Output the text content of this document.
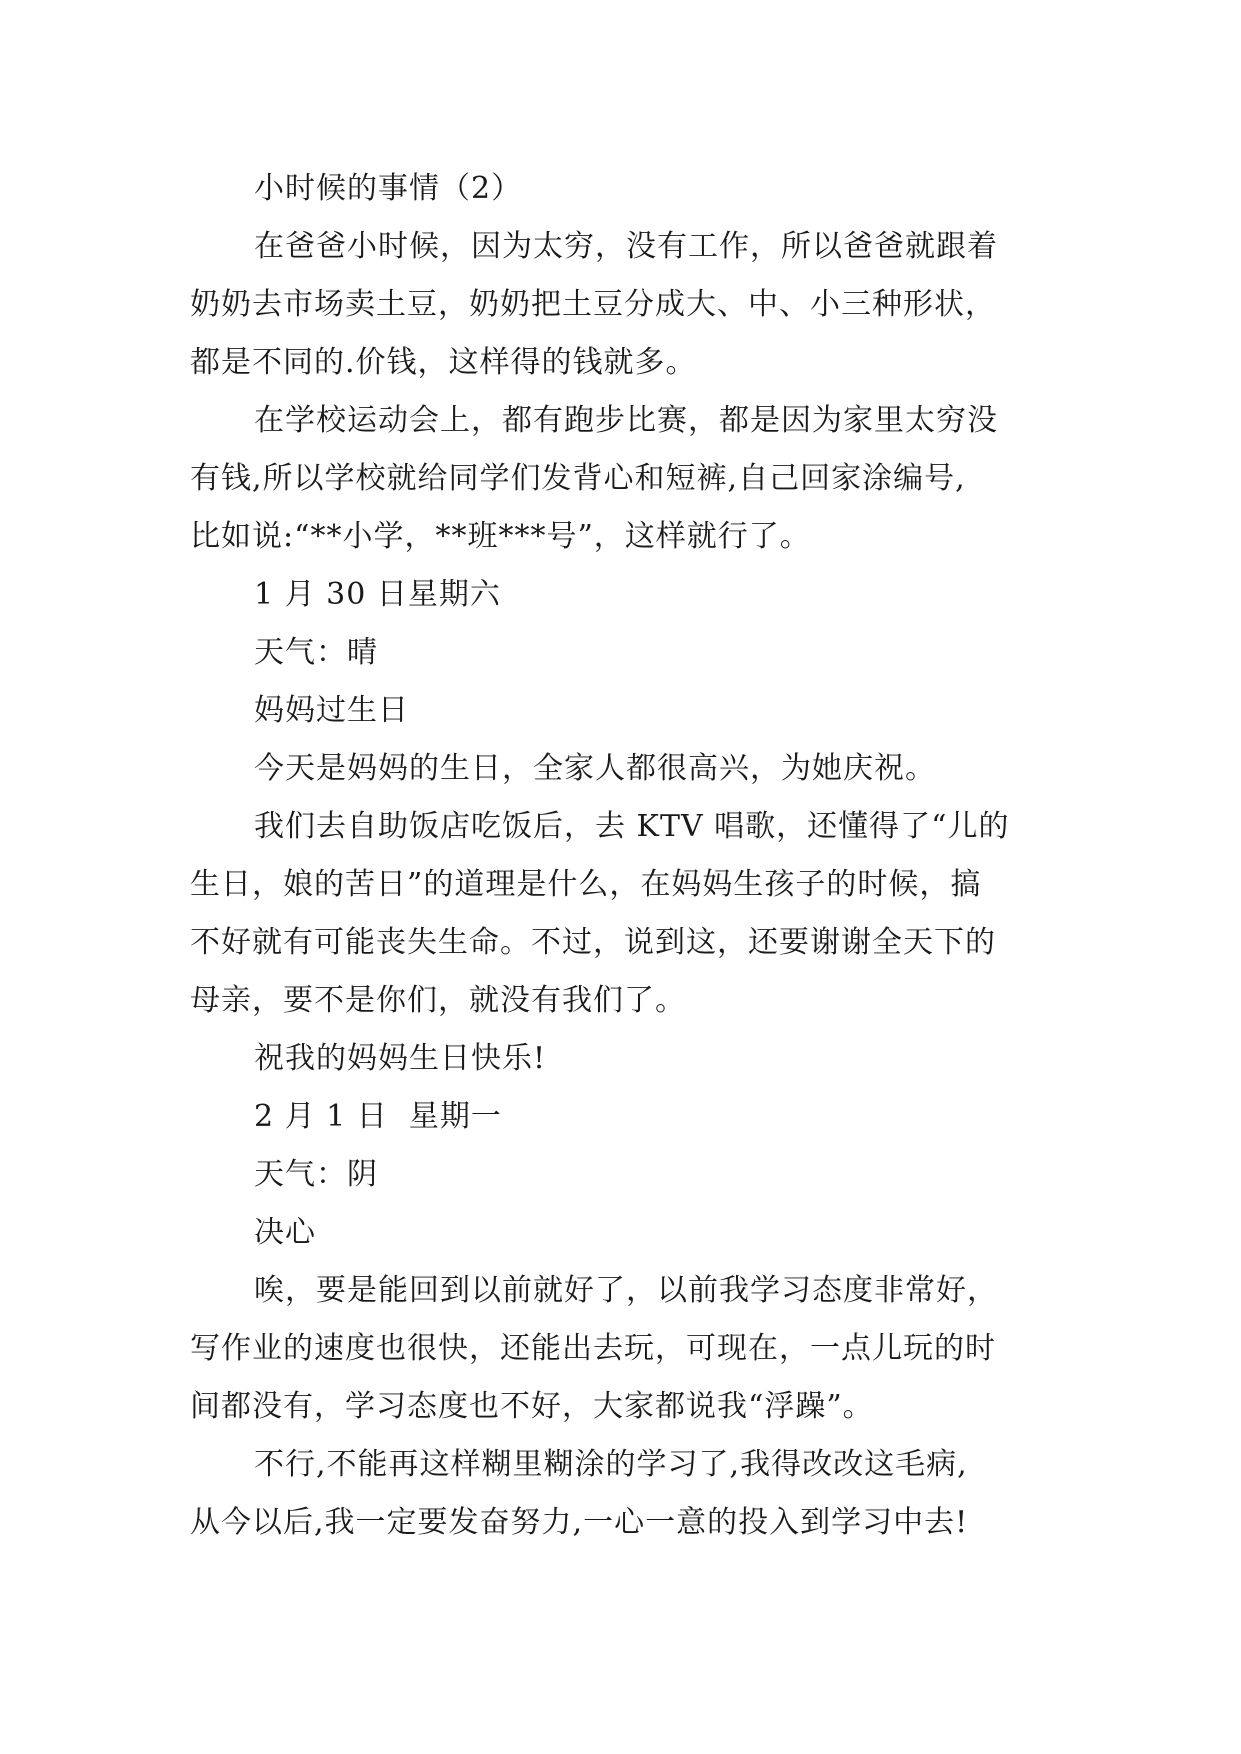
小时候的事情（2）
在爸爸小时候，因为太穷，没有工作，所以爸爸就跟着
奶奶去市场卖土豆，奶奶把土豆分成大、中、小三种形状，
都是不同的.价钱，这样得的钱就多。
在学校运动会上，都有跑步比赛，都是因为家里太穷没
有钱,所以学校就给同学们发背心和短裤,自己回家涂编号,
比如说:“**小学，**班***号”，这样就行了。
1 月 30 日星期六
天气：晴
妈妈过生日
今天是妈妈的生日，全家人都很高兴，为她庆祝。
我们去自助饭店吃饭后，去 KTV 唱歌，还懂得了“儿的
生日，娘的苦日”的道理是什么，在妈妈生孩子的时候，搞
不好就有可能丧失生命。不过，说到这，还要谢谢全天下的
母亲，要不是你们，就没有我们了。
祝我的妈妈生日快乐!
2 月 1 日  星期一
天气：阴
决心
唉，要是能回到以前就好了，以前我学习态度非常好，
写作业的速度也很快，还能出去玩，可现在，一点儿玩的时
间都没有，学习态度也不好，大家都说我“浮躁”。
不行,不能再这样糊里糊涂的学习了,我得改改这毛病,
从今以后,我一定要发奋努力,一心一意的投入到学习中去!
